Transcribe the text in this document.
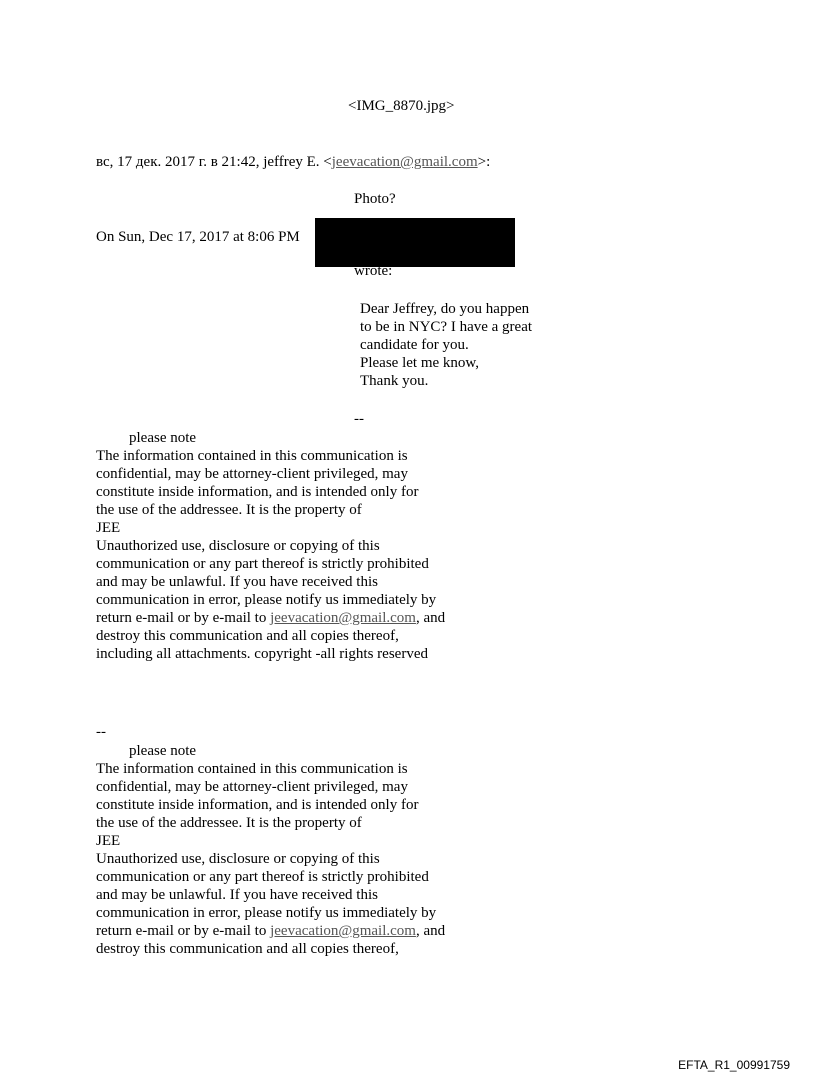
<IMG_8870.jpg>
вс, 17 дек. 2017 г. в 21:42, jeffrey E. <jeevacation@gmail.com>:
Photo?
On Sun, Dec 17, 2017 at 8:06 PM
wrote:
Dear Jeffrey, do you happen
to be in NYC? I have a great
candidate for you.
Please let me know,
Thank you.
--
please note
The information contained in this communication is
confidential, may be attorney-client privileged, may
constitute inside information, and is intended only for
the use of the addressee. It is the property of
JEE
Unauthorized use, disclosure or copying of this
communication or any part thereof is strictly prohibited
and may be unlawful. If you have received this
communication in error, please notify us immediately by
return e-mail or by e-mail to jeevacation@gmail.com, and
destroy this communication and all copies thereof,
including all attachments. copyright -all rights reserved
--
please note
The information contained in this communication is
confidential, may be attorney-client privileged, may
constitute inside information, and is intended only for
the use of the addressee. It is the property of
JEE
Unauthorized use, disclosure or copying of this
communication or any part thereof is strictly prohibited
and may be unlawful. If you have received this
communication in error, please notify us immediately by
return e-mail or by e-mail to jeevacation@gmail.com, and
destroy this communication and all copies thereof,
EFTA_R1_00991759
